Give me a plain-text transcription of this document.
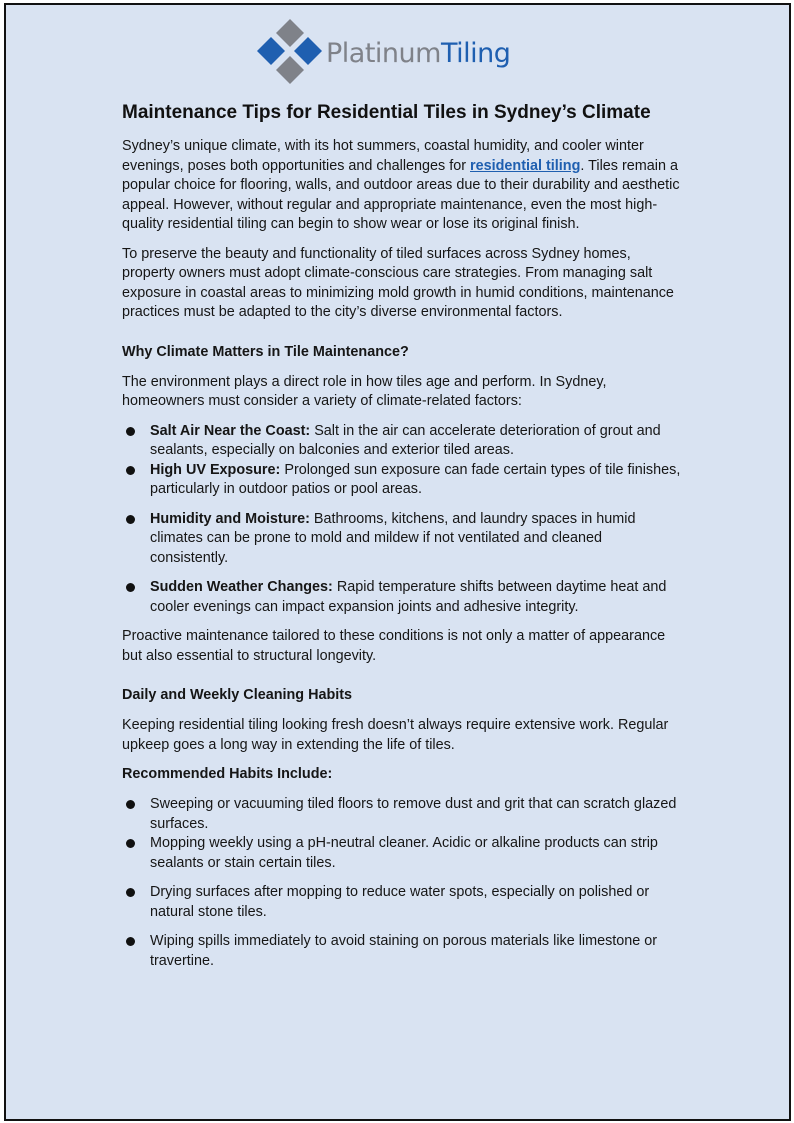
PlatinumTiling
Maintenance Tips for Residential Tiles in Sydney’s Climate

Sydney’s unique climate, with its hot summers, coastal humidity, and cooler winter evenings, poses both opportunities and challenges for residential tiling. Tiles remain a popular choice for flooring, walls, and outdoor areas due to their durability and aesthetic appeal. However, without regular and appropriate maintenance, even the most high-quality residential tiling can begin to show wear or lose its original finish.

To preserve the beauty and functionality of tiled surfaces across Sydney homes, property owners must adopt climate-conscious care strategies. From managing salt exposure in coastal areas to minimizing mold growth in humid conditions, maintenance practices must be adapted to the city’s diverse environmental factors.

Why Climate Matters in Tile Maintenance?

The environment plays a direct role in how tiles age and perform. In Sydney, homeowners must consider a variety of climate-related factors:

Salt Air Near the Coast: Salt in the air can accelerate deterioration of grout and sealants, especially on balconies and exterior tiled areas.
High UV Exposure: Prolonged sun exposure can fade certain types of tile finishes, particularly in outdoor patios or pool areas.
Humidity and Moisture: Bathrooms, kitchens, and laundry spaces in humid climates can be prone to mold and mildew if not ventilated and cleaned consistently.
Sudden Weather Changes: Rapid temperature shifts between daytime heat and cooler evenings can impact expansion joints and adhesive integrity.

Proactive maintenance tailored to these conditions is not only a matter of appearance but also essential to structural longevity.

Daily and Weekly Cleaning Habits

Keeping residential tiling looking fresh doesn’t always require extensive work. Regular upkeep goes a long way in extending the life of tiles.

Recommended Habits Include:
Sweeping or vacuuming tiled floors to remove dust and grit that can scratch glazed surfaces.
Mopping weekly using a pH-neutral cleaner. Acidic or alkaline products can strip sealants or stain certain tiles.
Drying surfaces after mopping to reduce water spots, especially on polished or natural stone tiles.
Wiping spills immediately to avoid staining on porous materials like limestone or travertine.
